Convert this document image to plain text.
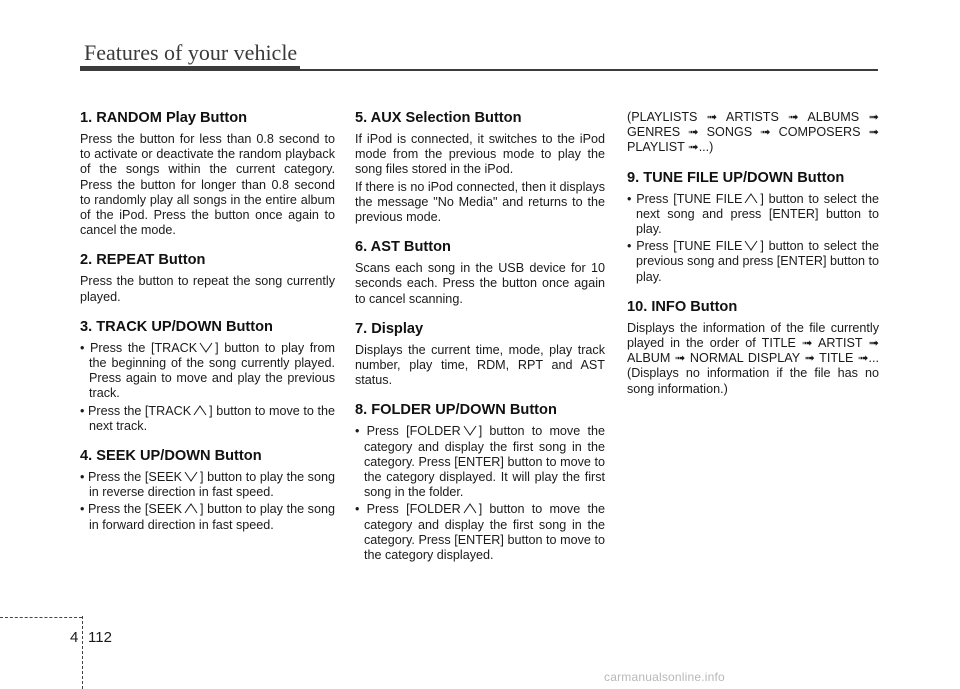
Features of your vehicle
1. RANDOM Play Button

Press the button for less than 0.8 second to to activate or deactivate the random playback of the songs within the current category. Press the button for longer than 0.8 second to randomly play all songs in the entire album of the iPod. Press the button once again to cancel the mode.

2. REPEAT Button

Press the button to repeat the song currently played.

3. TRACK UP/DOWN Button
• Press the [TRACK ] button to play from the beginning of the song currently played. Press again to move and play the previous track.
• Press the [TRACK ] button to move to the next track.
4. SEEK UP/DOWN Button
• Press the [SEEK ] button to play the song in reverse direction in fast speed.
• Press the [SEEK ] button to play the song in forward direction in fast speed.
5. AUX Selection Button

If iPod is connected, it switches to the iPod mode from the previous mode to play the song files stored in the iPod.

If there is no iPod connected, then it displays the message "No Media" and returns to the previous mode.

6. AST Button

Scans each song in the USB device for 10 seconds each. Press the button once again to cancel scanning.

7. Display

Displays the current time, mode, play track number, play time, RDM, RPT and AST status.

8. FOLDER UP/DOWN Button
• Press [FOLDER ] button to move the category and display the first song in the category. Press [ENTER] button to move to the category displayed. It will play the first song in the folder.
• Press [FOLDER ] button to move the category and display the first song in the category. Press [ENTER] button to move to the category displayed.

(PLAYLISTS ➟ ARTISTS ➟ ALBUMS ➟ GENRES ➟ SONGS ➟ COMPOSERS ➟ PLAYLIST ➟...)

9. TUNE FILE UP/DOWN Button
• Press [TUNE FILE ] button to select the next song and press [ENTER] button to play.
• Press [TUNE FILE ] button to select the previous song and press [ENTER] button to play.
10. INFO Button

Displays the information of the file currently played in the order of TITLE ➟ ARTIST ➟ ALBUM ➟ NORMAL DISPLAY ➟ TITLE ➟... (Displays no information if the file has no song information.)

4 112
carmanualsonline.info
